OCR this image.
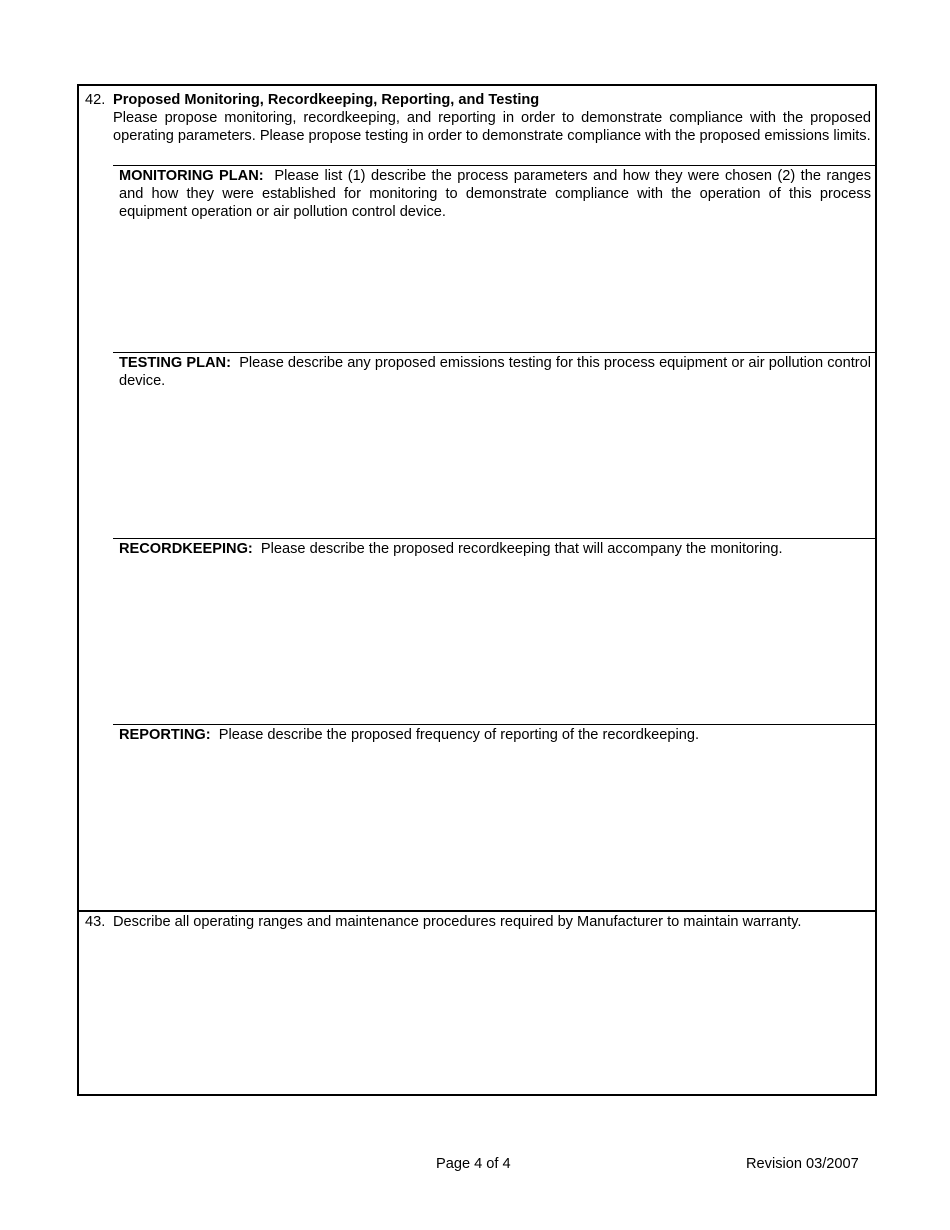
42. Proposed Monitoring, Recordkeeping, Reporting, and Testing
Please propose monitoring, recordkeeping, and reporting in order to demonstrate compliance with the proposed operating parameters. Please propose testing in order to demonstrate compliance with the proposed emissions limits.
MONITORING PLAN: Please list (1) describe the process parameters and how they were chosen (2) the ranges and how they were established for monitoring to demonstrate compliance with the operation of this process equipment operation or air pollution control device.
TESTING PLAN: Please describe any proposed emissions testing for this process equipment or air pollution control device.
RECORDKEEPING: Please describe the proposed recordkeeping that will accompany the monitoring.
REPORTING: Please describe the proposed frequency of reporting of the recordkeeping.
43. Describe all operating ranges and maintenance procedures required by Manufacturer to maintain warranty.
Page 4 of 4	Revision 03/2007
